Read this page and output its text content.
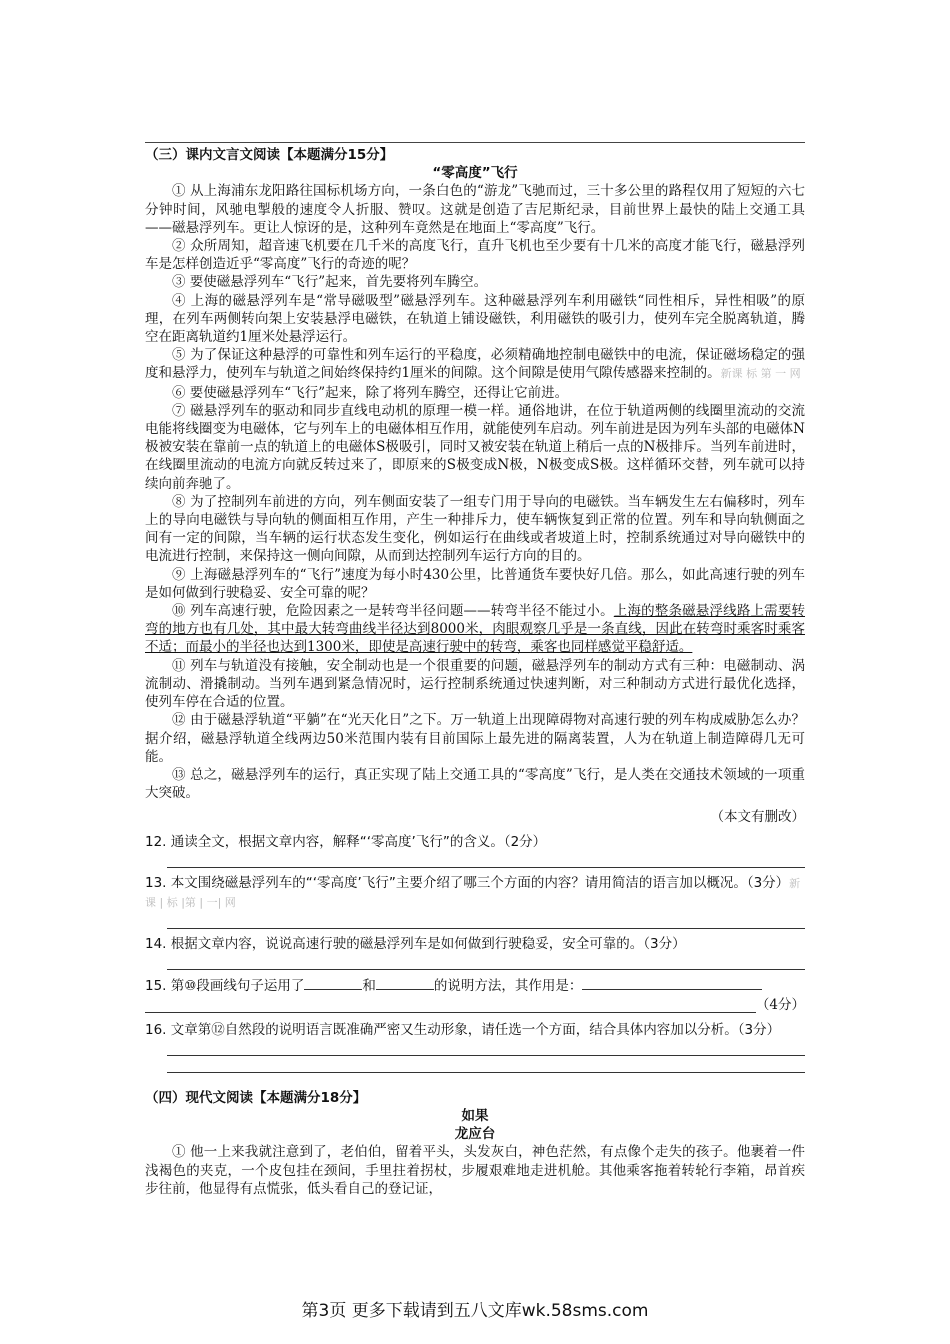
（三）课内文言文阅读【本题满分15分】
“零高度”飞行

① 从上海浦东龙阳路往国标机场方向，一条白色的“游龙”飞驰而过，三十多公里的路程仅用了短短的六七分钟时间，风驰电掣般的速度令人折服、赞叹。这就是创造了吉尼斯纪录，目前世界上最快的陆上交通工具——磁悬浮列车。更让人惊讶的是，这种列车竟然是在地面上“零高度”飞行。

② 众所周知，超音速飞机要在几千米的高度飞行，直升飞机也至少要有十几米的高度才能飞行，磁悬浮列车是怎样创造近乎“零高度”飞行的奇迹的呢？

③ 要使磁悬浮列车“飞行”起来，首先要将列车腾空。

④ 上海的磁悬浮列车是“常导磁吸型”磁悬浮列车。这种磁悬浮列车利用磁铁“同性相斥，异性相吸”的原理，在列车两侧转向架上安装悬浮电磁铁，在轨道上铺设磁铁，利用磁铁的吸引力，使列车完全脱离轨道，腾空在距离轨道约1厘米处悬浮运行。

⑤ 为了保证这种悬浮的可靠性和列车运行的平稳度，必须精确地控制电磁铁中的电流，保证磁场稳定的强度和悬浮力，使列车与轨道之间始终保持约1厘米的间隙。这个间隙是使用气隙传感器来控制的。新课 标 第 一 网

⑥ 要使磁悬浮列车“飞行”起来，除了将列车腾空，还得让它前进。

⑦ 磁悬浮列车的驱动和同步直线电动机的原理一模一样。通俗地讲，在位于轨道两侧的线圈里流动的交流电能将线圈变为电磁体，它与列车上的电磁体相互作用，就能使列车启动。列车前进是因为列车头部的电磁体N极被安装在靠前一点的轨道上的电磁体S极吸引，同时又被安装在轨道上稍后一点的N极排斥。当列车前进时，在线圈里流动的电流方向就反转过来了，即原来的S极变成N极，N极变成S极。这样循环交替，列车就可以持续向前奔驰了。

⑧ 为了控制列车前进的方向，列车侧面安装了一组专门用于导向的电磁铁。当车辆发生左右偏移时，列车上的导向电磁铁与导向轨的侧面相互作用，产生一种排斥力，使车辆恢复到正常的位置。列车和导向轨侧面之间有一定的间隙，当车辆的运行状态发生变化，例如运行在曲线或者坡道上时，控制系统通过对导向磁铁中的电流进行控制，来保持这一侧向间隙，从而到达控制列车运行方向的目的。

⑨ 上海磁悬浮列车的“飞行”速度为每小时430公里，比普通货车要快好几倍。那么，如此高速行驶的列车是如何做到行驶稳妥、安全可靠的呢？

⑩ 列车高速行驶，危险因素之一是转弯半径问题——转弯半径不能过小。上海的整条磁悬浮线路上需要转弯的地方也有几处，其中最大转弯曲线半径达到8000米，肉眼观察几乎是一条直线，因此在转弯时乘客时乘客不适；而最小的半径也达到1300米，即使是高速行驶中的转弯，乘客也同样感觉平稳舒适。

⑪ 列车与轨道没有接触，安全制动也是一个很重要的问题，磁悬浮列车的制动方式有三种：电磁制动、涡流制动、滑撬制动。当列车遇到紧急情况时，运行控制系统通过快速判断，对三种制动方式进行最优化选择，使列车停在合适的位置。

⑫ 由于磁悬浮轨道“平躺”在“光天化日”之下。万一轨道上出现障碍物对高速行驶的列车构成威胁怎么办？据介绍，磁悬浮轨道全线两边50米范围内装有目前国际上最先进的隔离装置，人为在轨道上制造障碍几无可能。

⑬ 总之，磁悬浮列车的运行，真正实现了陆上交通工具的“零高度”飞行，是人类在交通技术领域的一项重大突破。

（本文有删改）
12. 通读全文，根据文章内容，解释“‘零高度’飞行”的含义。（2分）
13. 本文围绕磁悬浮列车的“‘零高度’飞行”主要介绍了哪三个方面的内容？请用简洁的语言加以概况。（3分）新 课 | 标 |第 | 一| 网
14. 根据文章内容，说说高速行驶的磁悬浮列车是如何做到行驶稳妥，安全可靠的。（3分）
15. 第⑩段画线句子运用了	和	的说明方法，其作用是：
（4分）
16. 文章第⑫自然段的说明语言既准确严密又生动形象，请任选一个方面，结合具体内容加以分析。（3分）
（四）现代文阅读【本题满分18分】
如果
龙应台

① 他一上来我就注意到了，老伯伯，留着平头，头发灰白，神色茫然，有点像个走失的孩子。他裹着一件浅褐色的夹克，一个皮包挂在颈间，手里拄着拐杖，步履艰难地走进机舱。其他乘客拖着转轮行李箱，昂首疾步往前，他显得有点慌张，低头看自己的登记证，

第3页 更多下载请到五八文库wk.58sms.com
